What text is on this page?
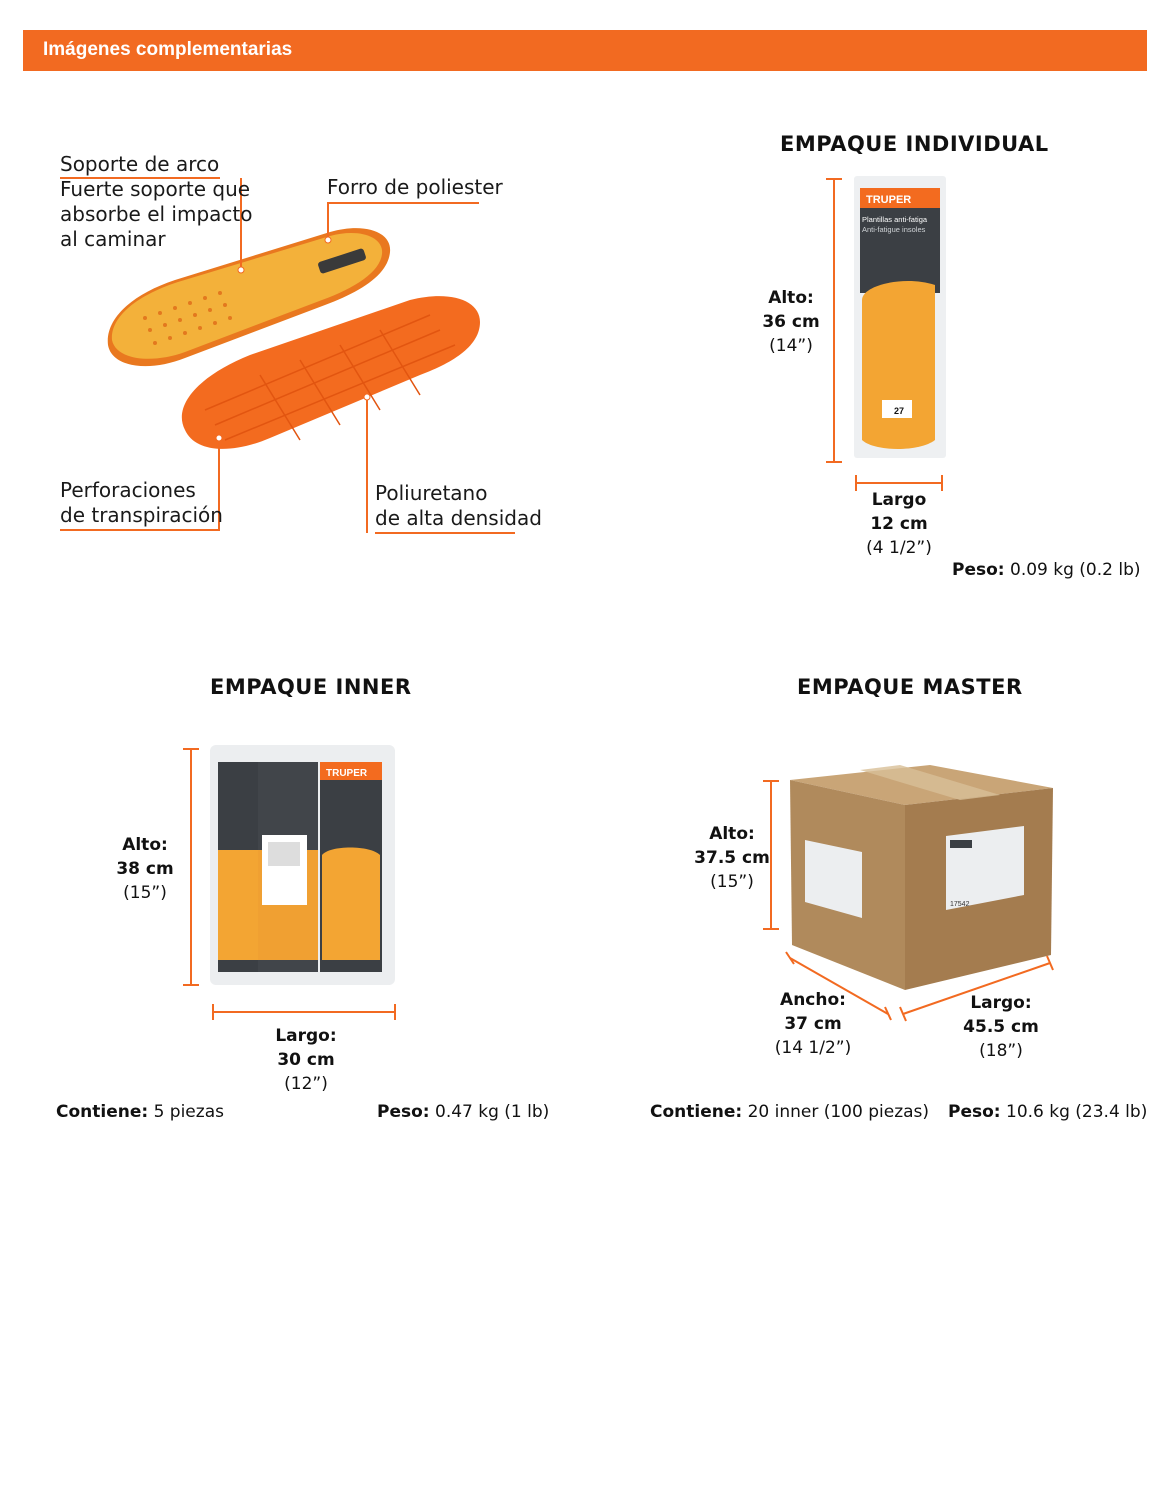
Imágenes complementarias
Soporte de arco
Fuerte soporte que
absorbe el impacto
al caminar
Forro de poliester
Perforaciones
de transpiración
Poliuretano
de alta densidad
EMPAQUE INDIVIDUAL
TRUPER
Plantillas anti-fatiga
Anti-fatigue insoles
27
Alto:
36 cm
(14”)
Largo
12 cm
(4 1/2”)
Peso: 0.09 kg (0.2 lb)
EMPAQUE INNER
TRUPER
Alto:
38 cm
(15”)
Largo:
30 cm
(12”)
Contiene: 5 piezas	Peso: 0.47 kg (1 lb)
EMPAQUE MASTER
17542
Alto:
37.5 cm
(15”)
Ancho:
37 cm
(14 1/2”)
Largo:
45.5 cm
(18”)
Contiene: 20 inner (100 piezas) Peso: 10.6 kg (23.4 lb)
